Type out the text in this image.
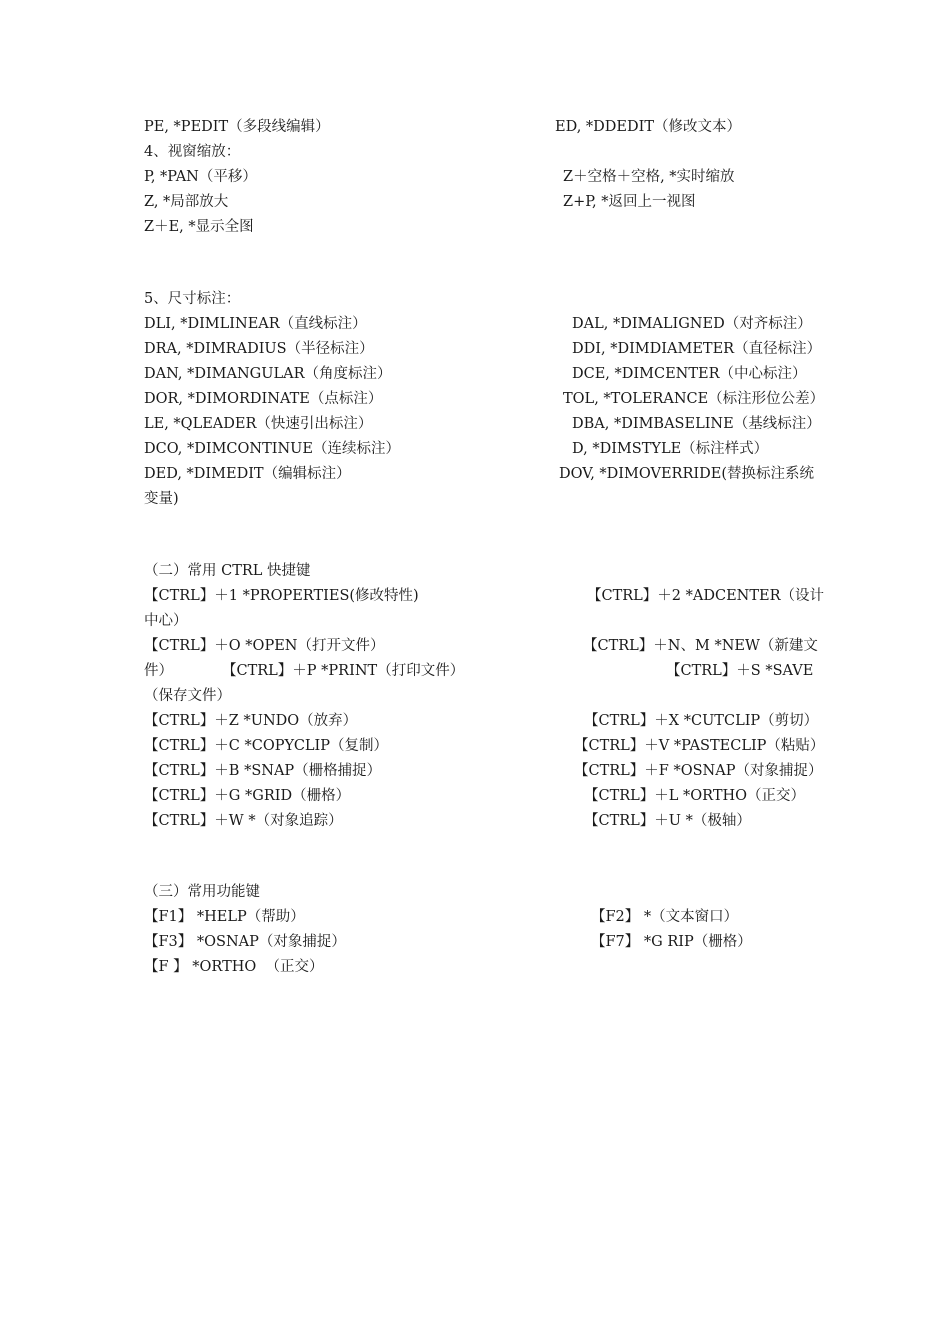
PE, *PEDIT（多段线编辑）	ED, *DDEDIT（修改文本）
4、视窗缩放：
P, *PAN（平移）	Z＋空格＋空格, *实时缩放
Z, *局部放大	Z+P, *返回上一视图
Z＋E, *显示全图
5、尺寸标注：
DLI, *DIMLINEAR（直线标注）	DAL, *DIMALIGNED（对齐标注）
DRA, *DIMRADIUS（半径标注）	DDI, *DIMDIAMETER（直径标注）
DAN, *DIMANGULAR（角度标注）	DCE, *DIMCENTER（中心标注）
DOR, *DIMORDINATE（点标注）	TOL, *TOLERANCE（标注形位公差）
LE, *QLEADER（快速引出标注）	DBA, *DIMBASELINE（基线标注）
DCO, *DIMCONTINUE（连续标注）	D, *DIMSTYLE（标注样式）
DED, *DIMEDIT（编辑标注）	DOV, *DIMOVERRIDE(替换标注系统
变量)
（二）常用 CTRL 快捷键
【CTRL】＋1 *PROPERTIES(修改特性)	【CTRL】＋2 *ADCENTER（设计
中心）
【CTRL】＋O *OPEN（打开文件）	【CTRL】＋N、M *NEW（新建文
件）	【CTRL】＋P *PRINT（打印文件）	【CTRL】＋S *SAVE
（保存文件）
【CTRL】＋Z *UNDO（放弃）	【CTRL】＋X *CUTCLIP（剪切）
【CTRL】＋C *COPYCLIP（复制）	【CTRL】＋V *PASTECLIP（粘贴）
【CTRL】＋B *SNAP（栅格捕捉）	【CTRL】＋F *OSNAP（对象捕捉）
【CTRL】＋G *GRID（栅格）	【CTRL】＋L *ORTHO（正交）
【CTRL】＋W *（对象追踪）	【CTRL】＋U *（极轴）
（三）常用功能键
【F1】 *HELP（帮助）	【F2】 *（文本窗口）
【F3】 *OSNAP（对象捕捉）	【F7】 *G RIP（栅格）
【F 】 *ORTHO  （正交）
